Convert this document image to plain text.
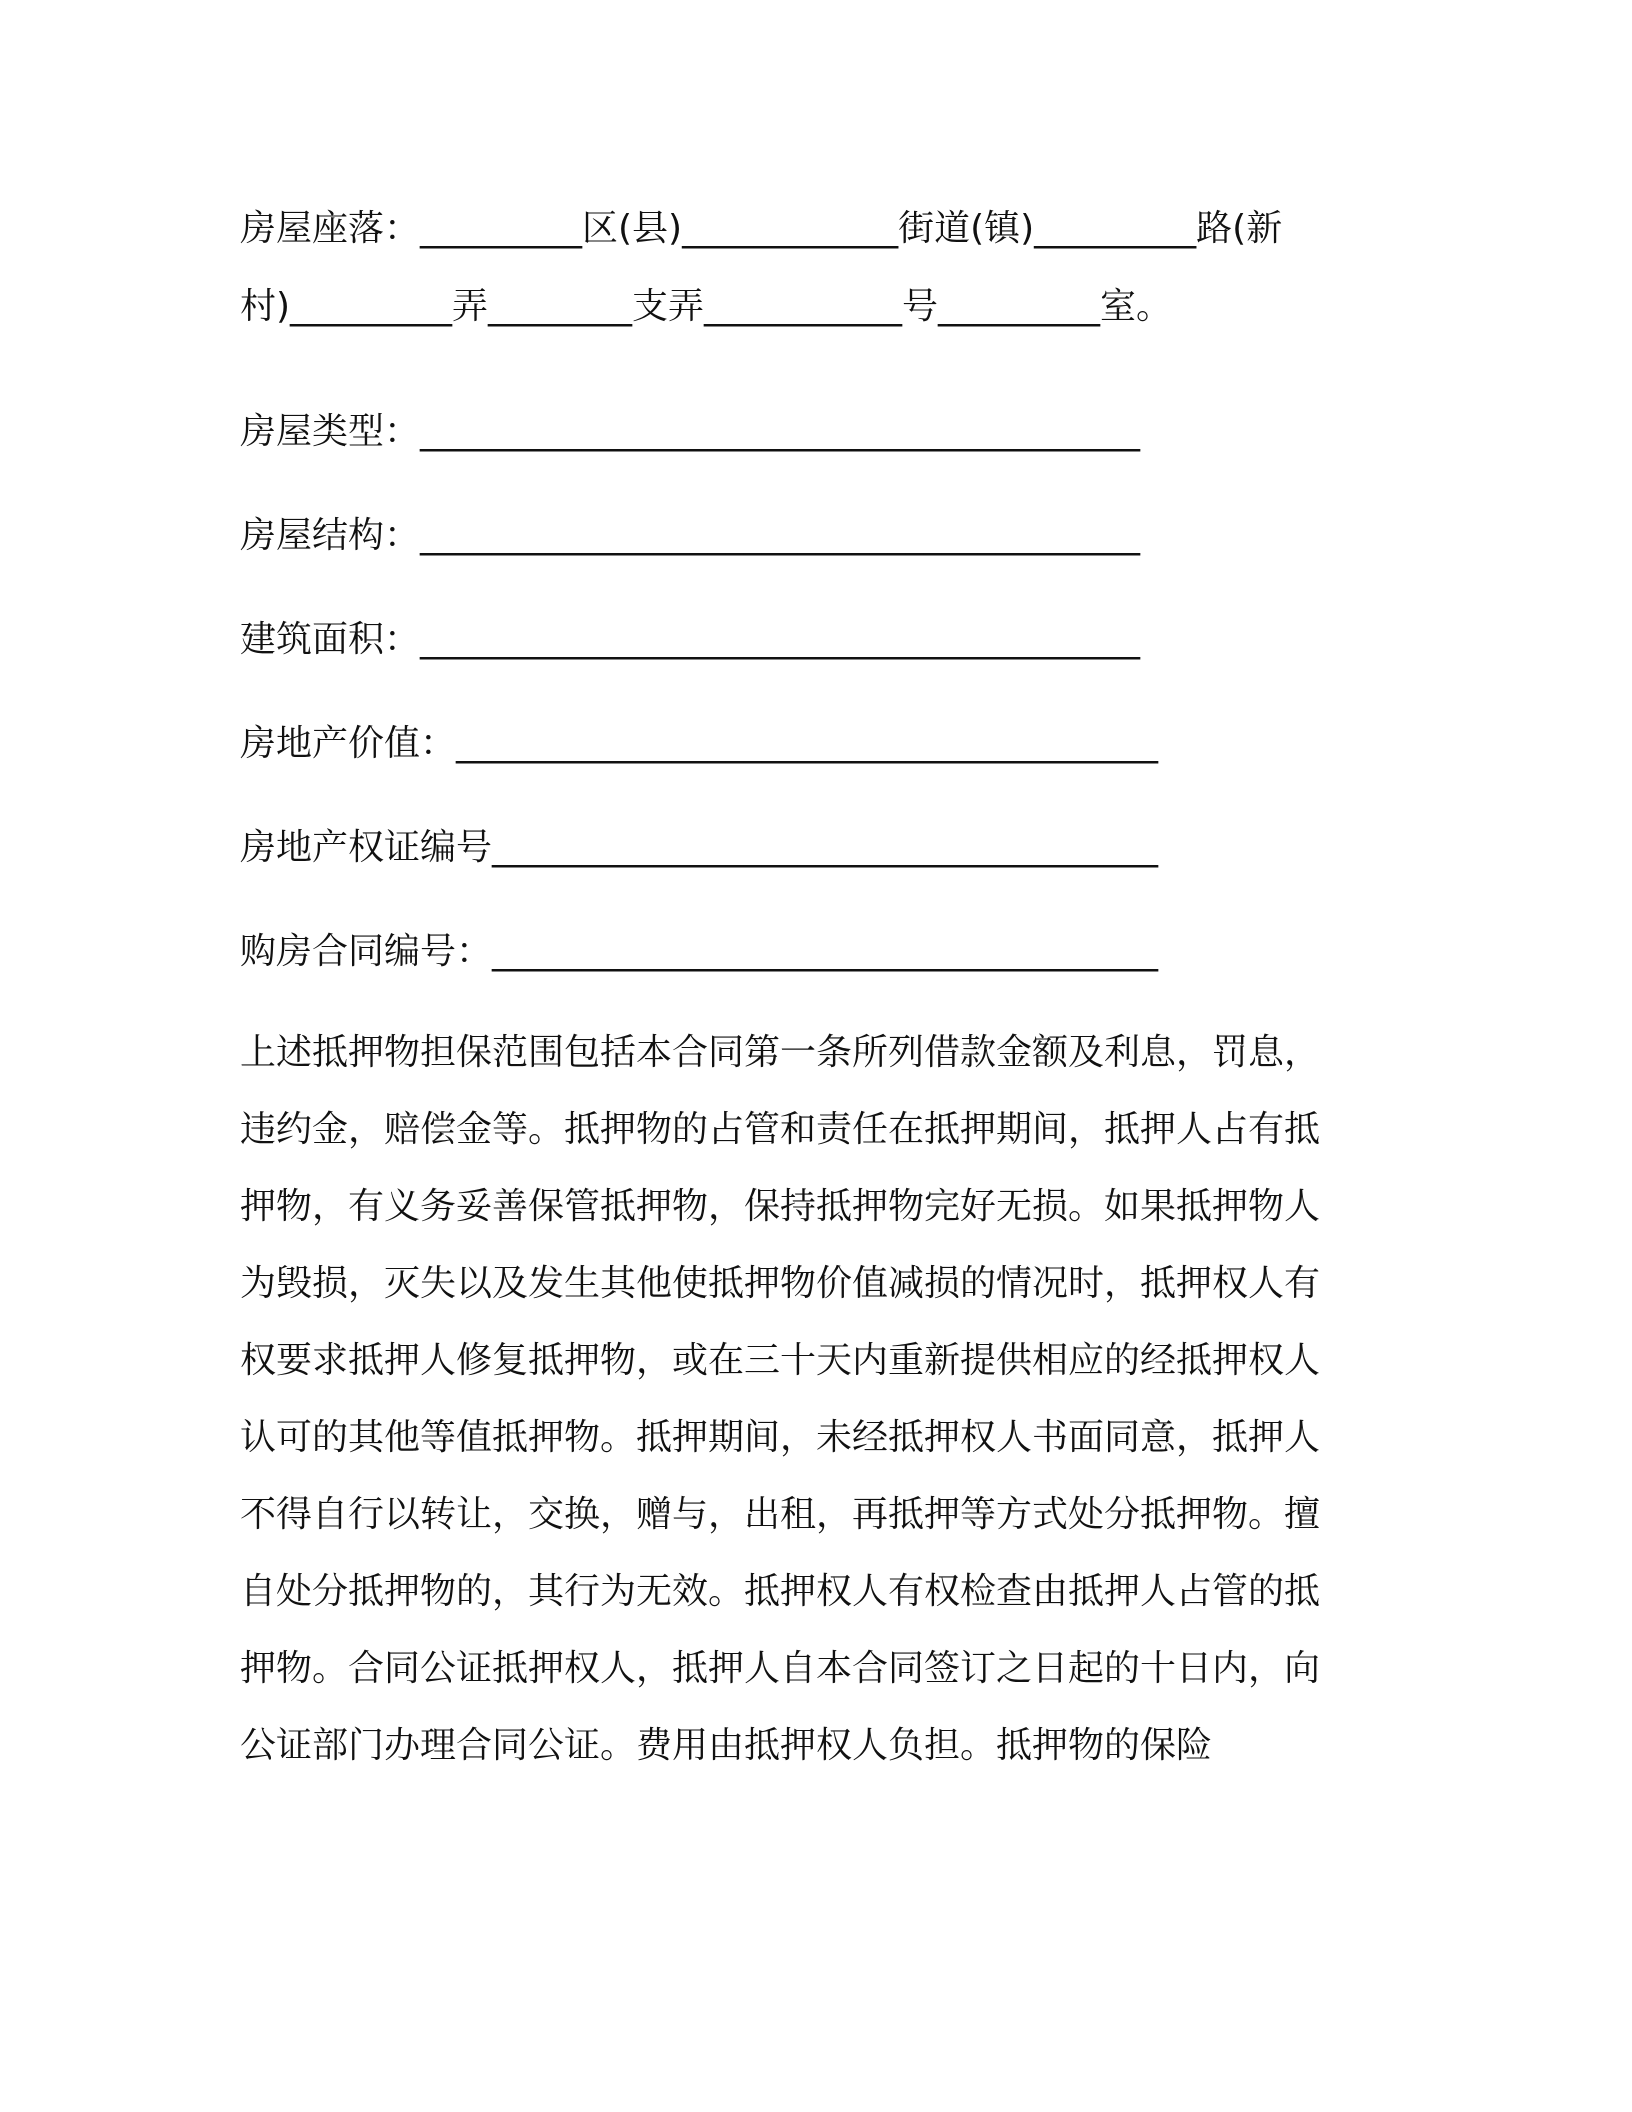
房屋座落：_________区(县)____________街道(镇)_________路(新
村)_________弄________支弄___________号_________室。
房屋类型：________________________________________
房屋结构：________________________________________
建筑面积：________________________________________
房地产价值：_______________________________________
房地产权证编号_____________________________________
购房合同编号：_____________________________________
上述抵押物担保范围包括本合同第一条所列借款金额及利息，罚息，
违约金，赔偿金等。抵押物的占管和责任在抵押期间，抵押人占有抵
押物，有义务妥善保管抵押物，保持抵押物完好无损。如果抵押物人
为毁损，灭失以及发生其他使抵押物价值减损的情况时，抵押权人有
权要求抵押人修复抵押物，或在三十天内重新提供相应的经抵押权人
认可的其他等值抵押物。抵押期间，未经抵押权人书面同意，抵押人
不得自行以转让，交换，赠与，出租，再抵押等方式处分抵押物。擅
自处分抵押物的，其行为无效。抵押权人有权检查由抵押人占管的抵
押物。合同公证抵押权人，抵押人自本合同签订之日起的十日内，向
公证部门办理合同公证。费用由抵押权人负担。抵押物的保险
